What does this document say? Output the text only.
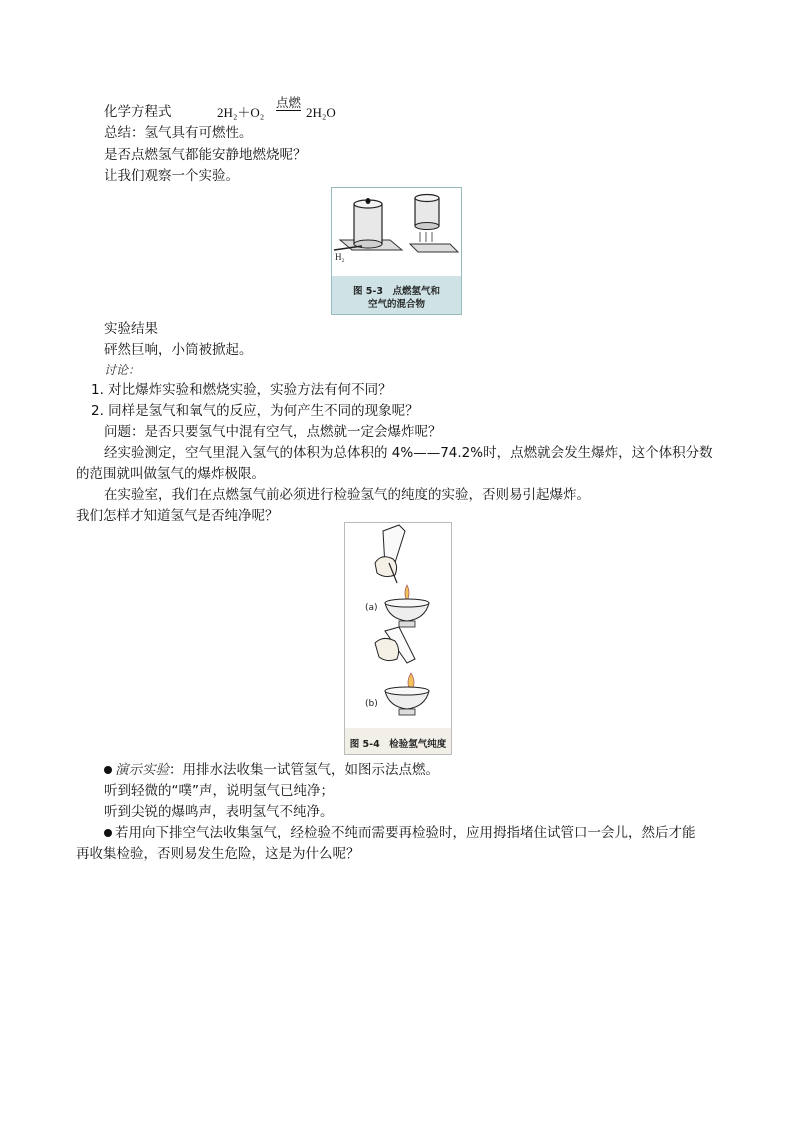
化学方程式	2H₂＋O₂
点燃
2H₂O
总结：氢气具有可燃性。
是否点燃氢气都能安静地燃烧呢？
让我们观察一个实验。
H₂
图 5-3　点燃氢气和
空气的混合物
实验结果
砰然巨响，小筒被掀起。
讨论：
1. 对比爆炸实验和燃烧实验，实验方法有何不同？
2. 同样是氢气和氧气的反应，为何产生不同的现象呢？
问题：是否只要氢气中混有空气，点燃就一定会爆炸呢？
经实验测定，空气里混入氢气的体积为总体积的 4%——74.2%时，点燃就会发生爆炸，这个体积分数
的范围就叫做氢气的爆炸极限。
在实验室，我们在点燃氢气前必须进行检验氢气的纯度的实验，否则易引起爆炸。
我们怎样才知道氢气是否纯净呢？
(a)
(b)
图 5-4　检验氢气纯度
演示实验：用排水法收集一试管氢气，如图示法点燃。
听到轻微的“噗”声，说明氢气已纯净；
听到尖锐的爆鸣声，表明氢气不纯净。
若用向下排空气法收集氢气，经检验不纯而需要再检验时，应用拇指堵住试管口一会儿，然后才能
再收集检验，否则易发生危险，这是为什么呢？
